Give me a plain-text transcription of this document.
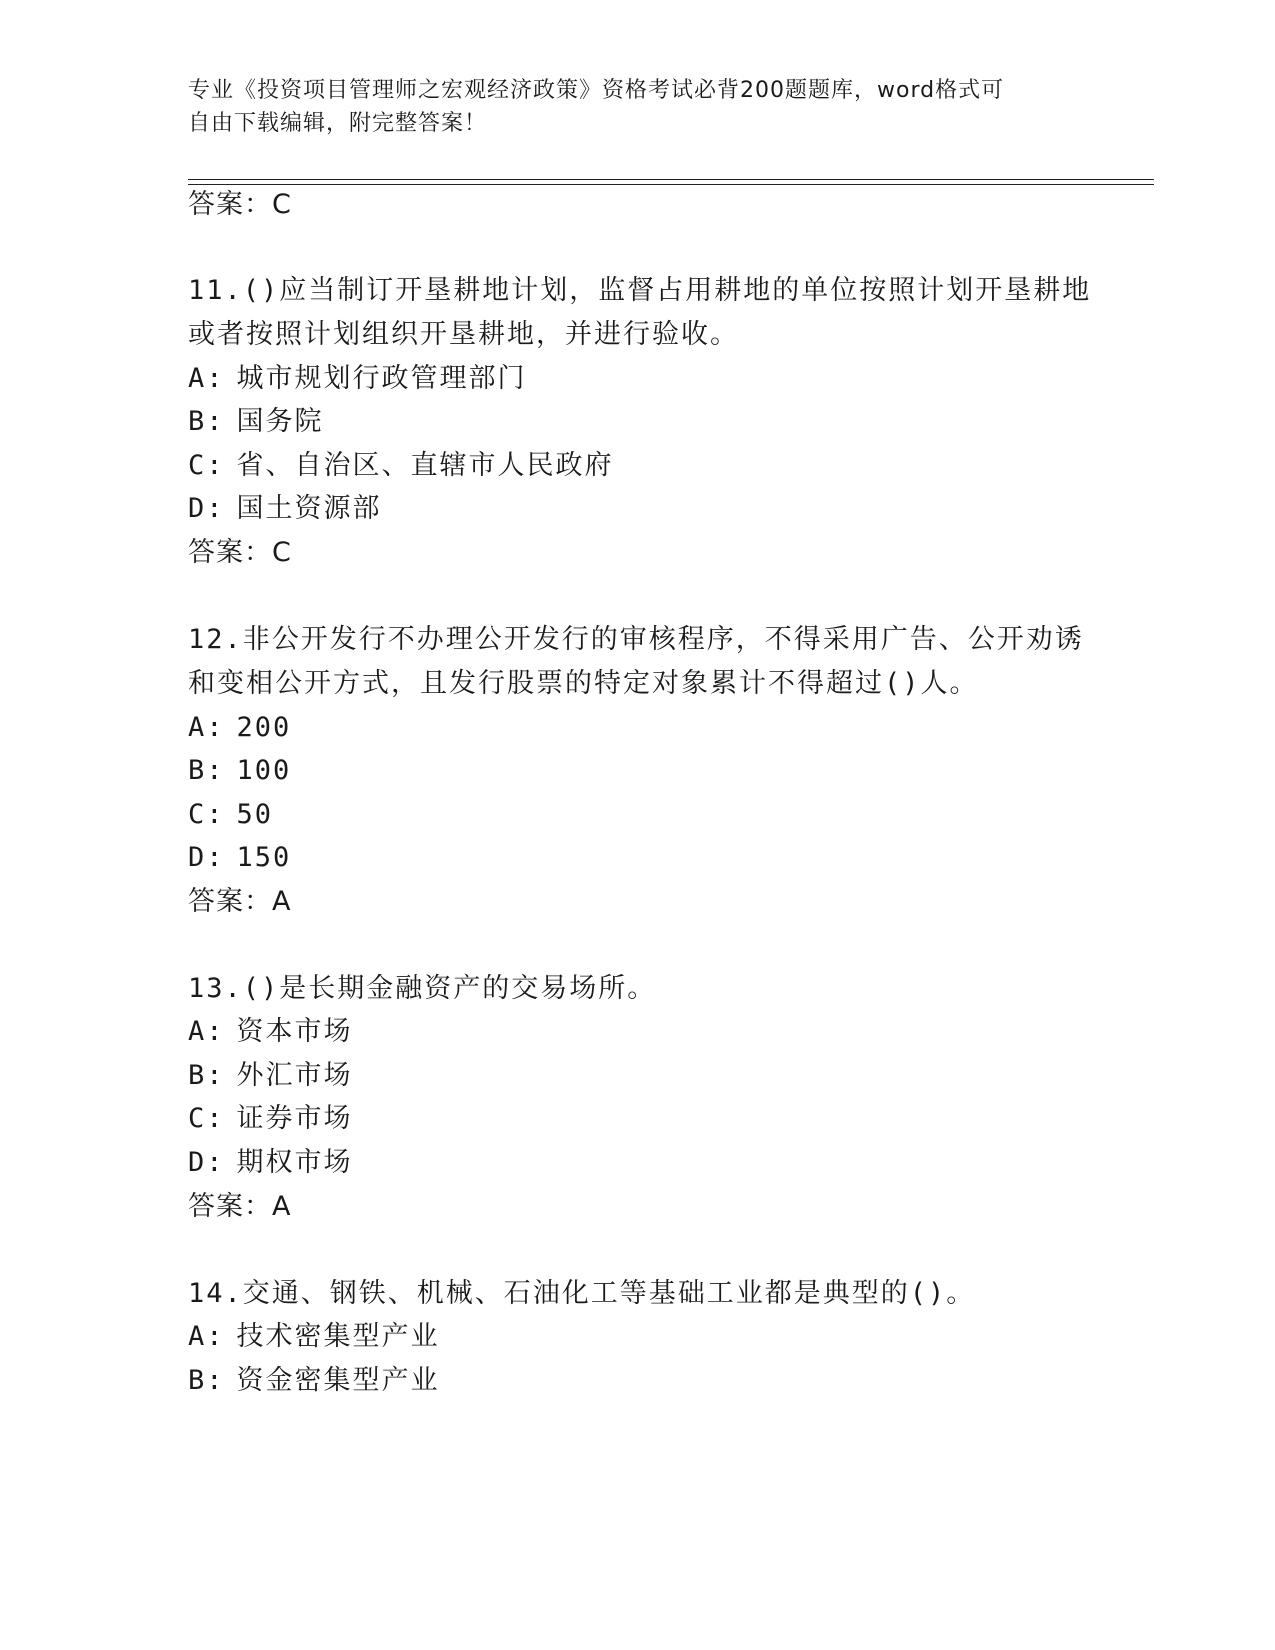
专业《投资项目管理师之宏观经济政策》资格考试必背200题题库，word格式可
自由下载编辑，附完整答案！
答案：C
11.()应当制订开垦耕地计划，监督占用耕地的单位按照计划开垦耕地
或者按照计划组织开垦耕地，并进行验收。
A: 城市规划行政管理部门
B: 国务院
C: 省、自治区、直辖市人民政府
D: 国土资源部
答案：C
12.非公开发行不办理公开发行的审核程序，不得采用广告、公开劝诱
和变相公开方式，且发行股票的特定对象累计不得超过()人。
A: 200
B: 100
C: 50
D: 150
答案：A
13.()是长期金融资产的交易场所。
A: 资本市场
B: 外汇市场
C: 证券市场
D: 期权市场
答案：A
14.交通、钢铁、机械、石油化工等基础工业都是典型的()。
A: 技术密集型产业
B: 资金密集型产业
